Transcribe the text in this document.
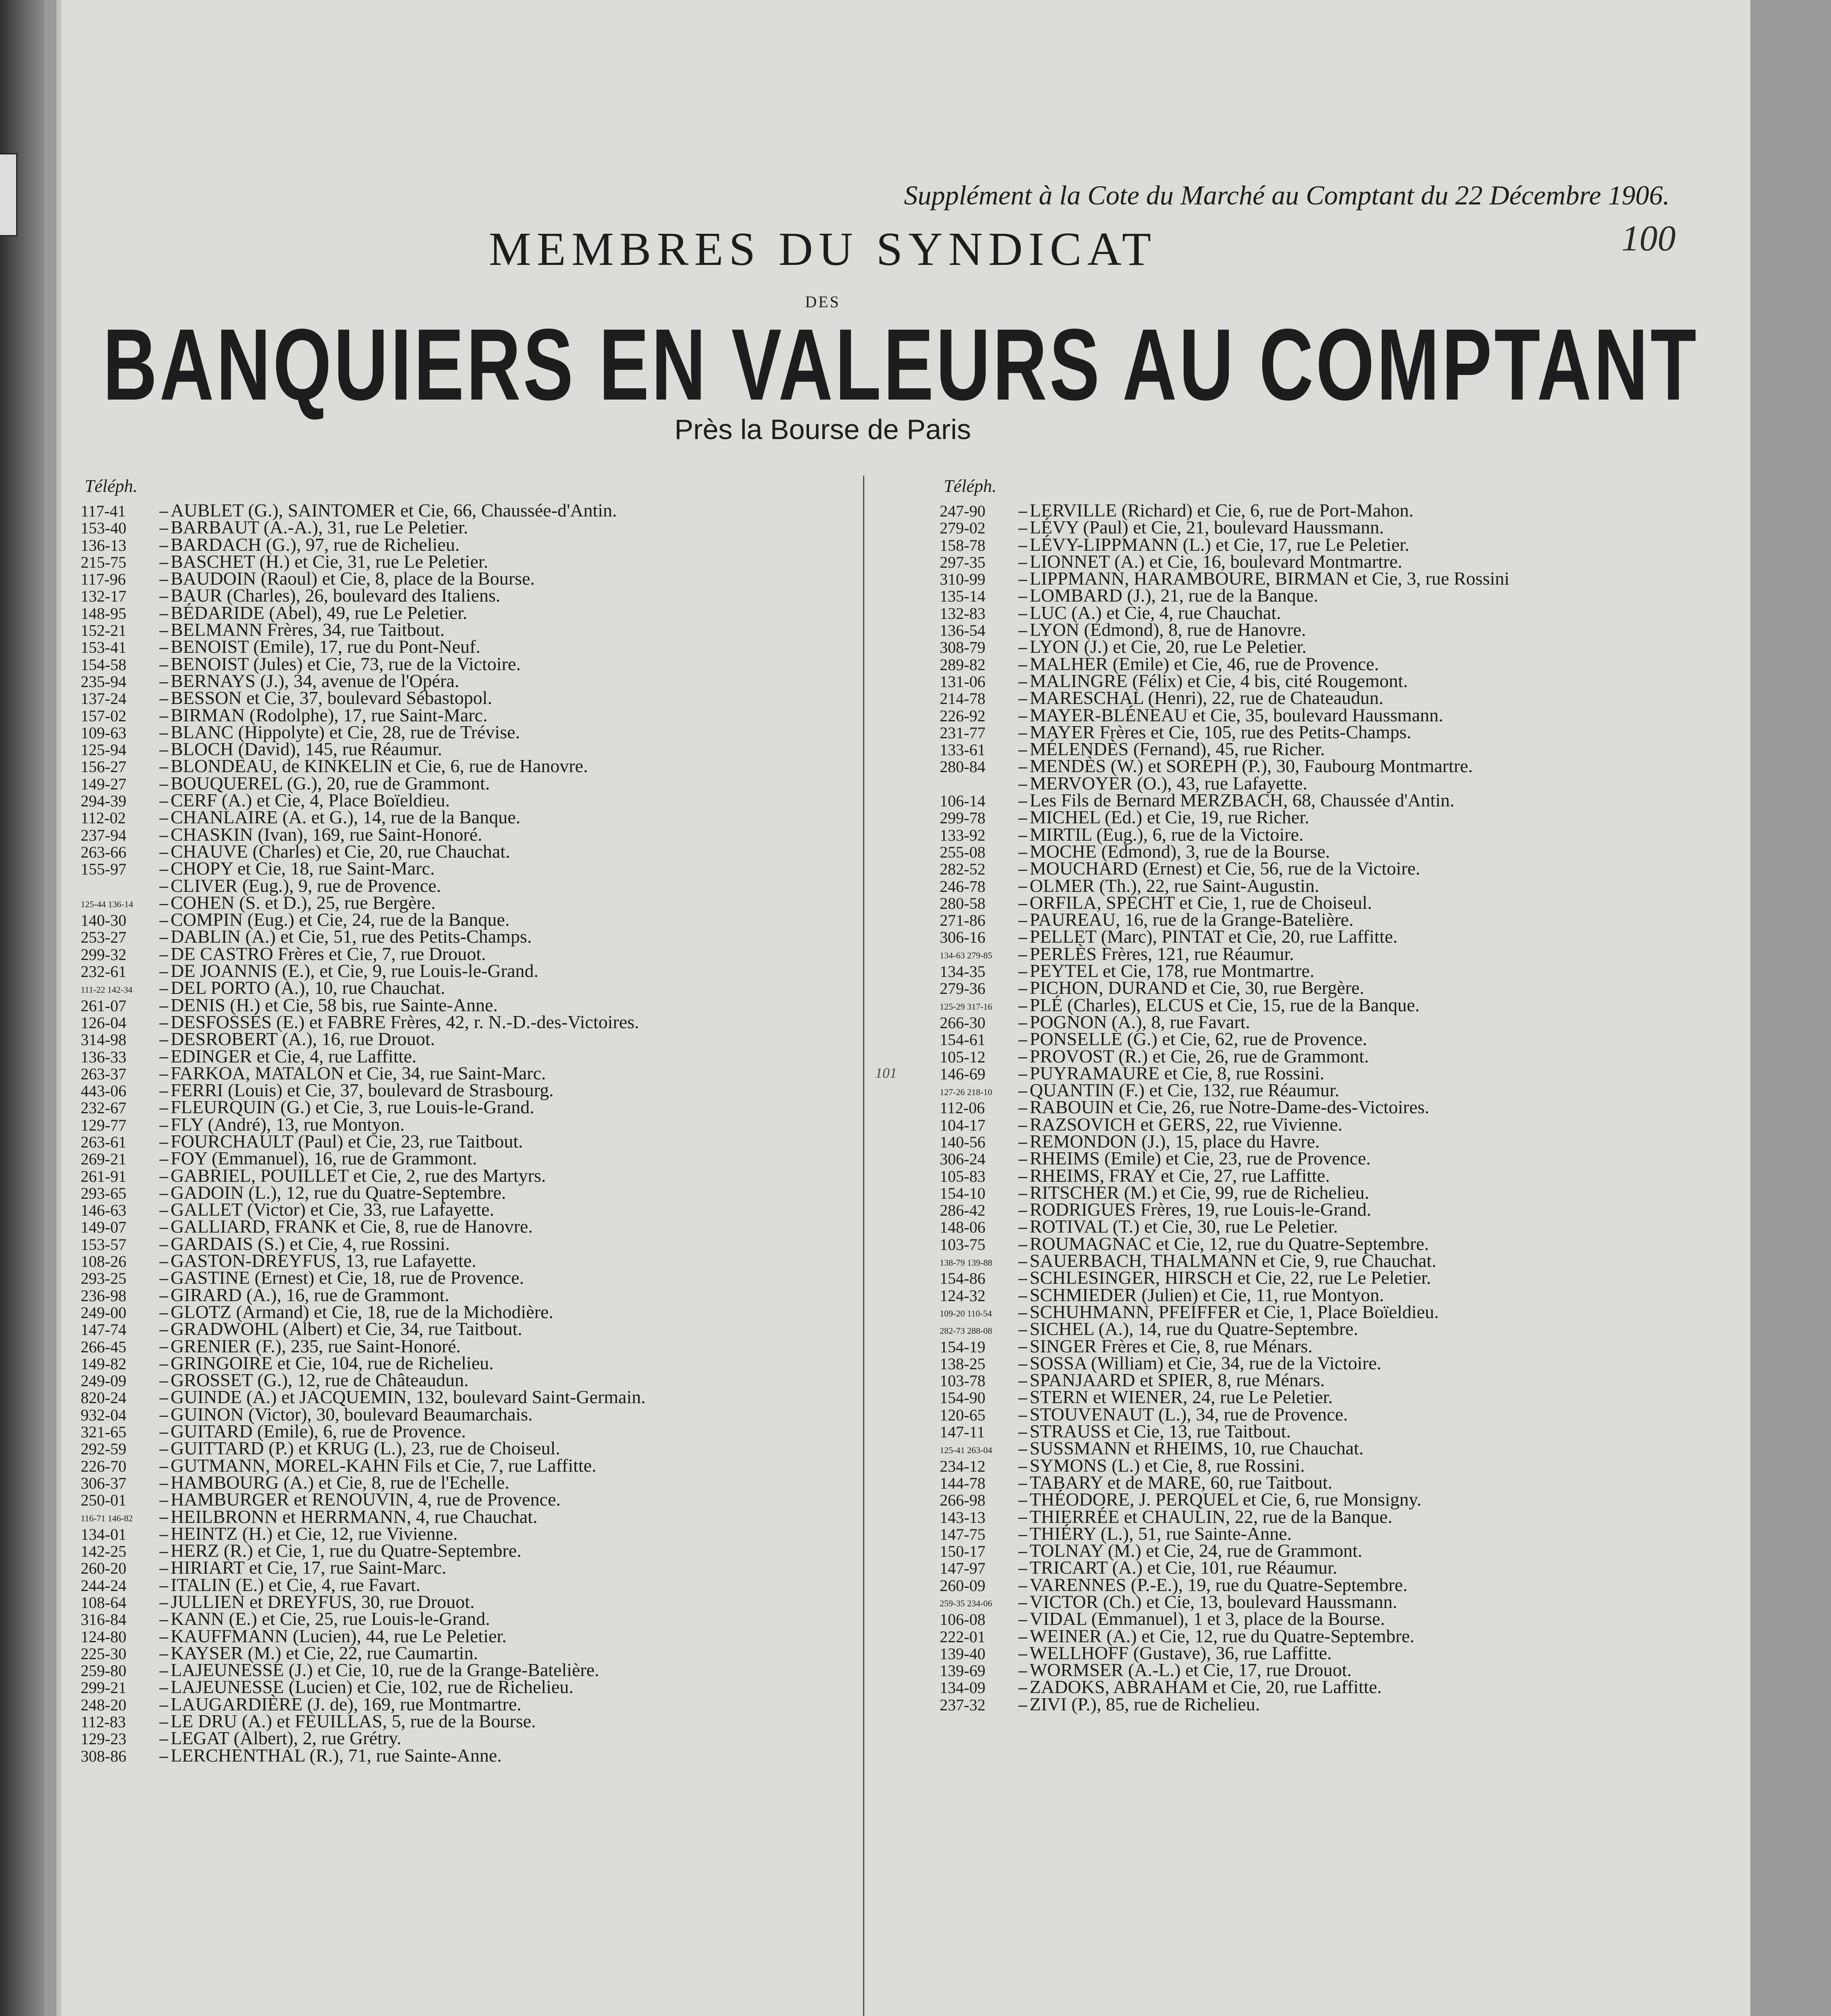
Supplément à la Cote du Marché au Comptant du 22 Décembre 1906.
100
MEMBRES DU SYNDICAT
DES
BANQUIERS EN VALEURS AU COMPTANT
Près la Bourse de Paris
Téléph.	Téléph.
117-41 AUBLET (G.), SAINTOMER et Cie, 66, Chaussée-d'Antin.
153-40 BARBAUT (A.-A.), 31, rue Le Peletier.
136-13 BARDACH (G.), 97, rue de Richelieu.
215-75 BASCHET (H.) et Cie, 31, rue Le Peletier.
117-96 BAUDOIN (Raoul) et Cie, 8, place de la Bourse.
132-17 BAUR (Charles), 26, boulevard des Italiens.
148-95 BÉDARIDE (Abel), 49, rue Le Peletier.
152-21 BELMANN Frères, 34, rue Taitbout.
153-41 BENOIST (Emile), 17, rue du Pont-Neuf.
154-58 BENOIST (Jules) et Cie, 73, rue de la Victoire.
235-94 BERNAYS (J.), 34, avenue de l'Opéra.
137-24 BESSON et Cie, 37, boulevard Sébastopol.
157-02 BIRMAN (Rodolphe), 17, rue Saint-Marc.
109-63 BLANC (Hippolyte) et Cie, 28, rue de Trévise.
125-94 BLOCH (David), 145, rue Réaumur.
156-27 BLONDEAU, de KINKELIN et Cie, 6, rue de Hanovre.
149-27 BOUQUEREL (G.), 20, rue de Grammont.
294-39 CERF (A.) et Cie, 4, Place Boïeldieu.
112-02 CHANLAIRE (A. et G.), 14, rue de la Banque.
237-94 CHASKIN (Ivan), 169, rue Saint-Honoré.
263-66 CHAUVE (Charles) et Cie, 20, rue Chauchat.
155-97 CHOPY et Cie, 18, rue Saint-Marc.
CLIVER (Eug.), 9, rue de Provence.
125-44 136-14 COHEN (S. et D.), 25, rue Bergère.
140-30 COMPIN (Eug.) et Cie, 24, rue de la Banque.
253-27 DABLIN (A.) et Cie, 51, rue des Petits-Champs.
299-32 DE CASTRO Frères et Cie, 7, rue Drouot.
232-61 DE JOANNIS (E.), et Cie, 9, rue Louis-le-Grand.
111-22 142-34 DEL PORTO (A.), 10, rue Chauchat.
261-07 DENIS (H.) et Cie, 58 bis, rue Sainte-Anne.
126-04 DESFOSSÉS (E.) et FABRE Frères, 42, r. N.-D.-des-Victoires.
314-98 DESROBERT (A.), 16, rue Drouot.
136-33 EDINGER et Cie, 4, rue Laffitte.
263-37 FARKOA, MATALON et Cie, 34, rue Saint-Marc.
443-06 FERRI (Louis) et Cie, 37, boulevard de Strasbourg.
232-67 FLEURQUIN (G.) et Cie, 3, rue Louis-le-Grand.
129-77 FLY (André), 13, rue Montyon.
263-61 FOURCHAULT (Paul) et Cie, 23, rue Taitbout.
269-21 FOY (Emmanuel), 16, rue de Grammont.
261-91 GABRIEL, POUILLET et Cie, 2, rue des Martyrs.
293-65 GADOIN (L.), 12, rue du Quatre-Septembre.
146-63 GALLET (Victor) et Cie, 33, rue Lafayette.
149-07 GALLIARD, FRANK et Cie, 8, rue de Hanovre.
153-57 GARDAIS (S.) et Cie, 4, rue Rossini.
108-26 GASTON-DREYFUS, 13, rue Lafayette.
293-25 GASTINE (Ernest) et Cie, 18, rue de Provence.
236-98 GIRARD (A.), 16, rue de Grammont.
249-00 GLOTZ (Armand) et Cie, 18, rue de la Michodière.
147-74 GRADWOHL (Albert) et Cie, 34, rue Taitbout.
266-45 GRENIER (F.), 235, rue Saint-Honoré.
149-82 GRINGOIRE et Cie, 104, rue de Richelieu.
249-09 GROSSET (G.), 12, rue de Châteaudun.
820-24 GUINDE (A.) et JACQUEMIN, 132, boulevard Saint-Germain.
932-04 GUINON (Victor), 30, boulevard Beaumarchais.
321-65 GUITARD (Emile), 6, rue de Provence.
292-59 GUITTARD (P.) et KRUG (L.), 23, rue de Choiseul.
226-70 GUTMANN, MOREL-KAHN Fils et Cie, 7, rue Laffitte.
306-37 HAMBOURG (A.) et Cie, 8, rue de l'Echelle.
250-01 HAMBURGER et RENOUVIN, 4, rue de Provence.
116-71 146-82 HEILBRONN et HERRMANN, 4, rue Chauchat.
134-01 HEINTZ (H.) et Cie, 12, rue Vivienne.
142-25 HERZ (R.) et Cie, 1, rue du Quatre-Septembre.
260-20 HIRIART et Cie, 17, rue Saint-Marc.
244-24 ITALIN (E.) et Cie, 4, rue Favart.
108-64 JULLIEN et DREYFUS, 30, rue Drouot.
316-84 KANN (E.) et Cie, 25, rue Louis-le-Grand.
124-80 KAUFFMANN (Lucien), 44, rue Le Peletier.
225-30 KAYSER (M.) et Cie, 22, rue Caumartin.
259-80 LAJEUNESSE (J.) et Cie, 10, rue de la Grange-Batelière.
299-21 LAJEUNESSE (Lucien) et Cie, 102, rue de Richelieu.
248-20 LAUGARDIÈRE (J. de), 169, rue Montmartre.
112-83 LE DRU (A.) et FEUILLAS, 5, rue de la Bourse.
129-23 LEGAT (Albert), 2, rue Grétry.
308-86 LERCHENTHAL (R.), 71, rue Sainte-Anne.
247-90 LERVILLE (Richard) et Cie, 6, rue de Port-Mahon.
279-02 LÉVY (Paul) et Cie, 21, boulevard Haussmann.
158-78 LÉVY-LIPPMANN (L.) et Cie, 17, rue Le Peletier.
297-35 LIONNET (A.) et Cie, 16, boulevard Montmartre.
310-99 LIPPMANN, HARAMBOURE, BIRMAN et Cie, 3, rue Rossini
135-14 LOMBARD (J.), 21, rue de la Banque.
132-83 LUC (A.) et Cie, 4, rue Chauchat.
136-54 LYON (Edmond), 8, rue de Hanovre.
308-79 LYON (J.) et Cie, 20, rue Le Peletier.
289-82 MALHER (Emile) et Cie, 46, rue de Provence.
131-06 MALINGRE (Félix) et Cie, 4 bis, cité Rougemont.
214-78 MARESCHAL (Henri), 22, rue de Chateaudun.
226-92 MAYER-BLÉNEAU et Cie, 35, boulevard Haussmann.
231-77 MAYER Frères et Cie, 105, rue des Petits-Champs.
133-61 MÉLENDÈS (Fernand), 45, rue Richer.
280-84 MENDÈS (W.) et SOREPH (P.), 30, Faubourg Montmartre.
MERVOYER (O.), 43, rue Lafayette.
106-14 Les Fils de Bernard MERZBACH, 68, Chaussée d'Antin.
299-78 MICHEL (Ed.) et Cie, 19, rue Richer.
133-92 MIRTIL (Eug.), 6, rue de la Victoire.
255-08 MOCHE (Edmond), 3, rue de la Bourse.
282-52 MOUCHARD (Ernest) et Cie, 56, rue de la Victoire.
246-78 OLMER (Th.), 22, rue Saint-Augustin.
280-58 ORFILA, SPECHT et Cie, 1, rue de Choiseul.
271-86 PAUREAU, 16, rue de la Grange-Batelière.
306-16 PELLET (Marc), PINTAT et Cie, 20, rue Laffitte.
134-63 279-85 PERLÈS Frères, 121, rue Réaumur.
134-35 PEYTEL et Cie, 178, rue Montmartre.
279-36 PICHON, DURAND et Cie, 30, rue Bergère.
125-29 317-16 PLÉ (Charles), ELCUS et Cie, 15, rue de la Banque.
266-30 POGNON (A.), 8, rue Favart.
154-61 PONSELLE (G.) et Cie, 62, rue de Provence.
105-12 PROVOST (R.) et Cie, 26, rue de Grammont.
146-69 PUYRAMAURE et Cie, 8, rue Rossini.
127-26 218-10 QUANTIN (F.) et Cie, 132, rue Réaumur.
112-06 RABOUIN et Cie, 26, rue Notre-Dame-des-Victoires.
104-17 RAZSOVICH et GERS, 22, rue Vivienne.
140-56 REMONDON (J.), 15, place du Havre.
306-24 RHEIMS (Emile) et Cie, 23, rue de Provence.
105-83 RHEIMS, FRAY et Cie, 27, rue Laffitte.
154-10 RITSCHER (M.) et Cie, 99, rue de Richelieu.
286-42 RODRIGUES Frères, 19, rue Louis-le-Grand.
148-06 ROTIVAL (T.) et Cie, 30, rue Le Peletier.
103-75 ROUMAGNAC et Cie, 12, rue du Quatre-Septembre.
138-79 139-88 SAUERBACH, THALMANN et Cie, 9, rue Chauchat.
154-86 SCHLESINGER, HIRSCH et Cie, 22, rue Le Peletier.
124-32 SCHMIEDER (Julien) et Cie, 11, rue Montyon.
109-20 110-54 SCHUHMANN, PFEIFFER et Cie, 1, Place Boïeldieu.
282-73 288-08 SICHEL (A.), 14, rue du Quatre-Septembre.
154-19 SINGER Frères et Cie, 8, rue Ménars.
138-25 SOSSA (William) et Cie, 34, rue de la Victoire.
103-78 SPANJAARD et SPIER, 8, rue Ménars.
154-90 STERN et WIENER, 24, rue Le Peletier.
120-65 STOUVENAUT (L.), 34, rue de Provence.
147-11 STRAUSS et Cie, 13, rue Taitbout.
125-41 263-04 SUSSMANN et RHEIMS, 10, rue Chauchat.
234-12 SYMONS (L.) et Cie, 8, rue Rossini.
144-78 TABARY et de MARE, 60, rue Taitbout.
266-98 THÉODORE, J. PERQUEL et Cie, 6, rue Monsigny.
143-13 THIERRÉE et CHAULIN, 22, rue de la Banque.
147-75 THIÉRY (L.), 51, rue Sainte-Anne.
150-17 TOLNAY (M.) et Cie, 24, rue de Grammont.
147-97 TRICART (A.) et Cie, 101, rue Réaumur.
260-09 VARENNES (P.-E.), 19, rue du Quatre-Septembre.
259-35 234-06 VICTOR (Ch.) et Cie, 13, boulevard Haussmann.
106-08 VIDAL (Emmanuel), 1 et 3, place de la Bourse.
222-01 WEINER (A.) et Cie, 12, rue du Quatre-Septembre.
139-40 WELLHOFF (Gustave), 36, rue Laffitte.
139-69 WORMSER (A.-L.) et Cie, 17, rue Drouot.
134-09 ZADOKS, ABRAHAM et Cie, 20, rue Laffitte.
237-32 ZIVI (P.), 85, rue de Richelieu.
101
